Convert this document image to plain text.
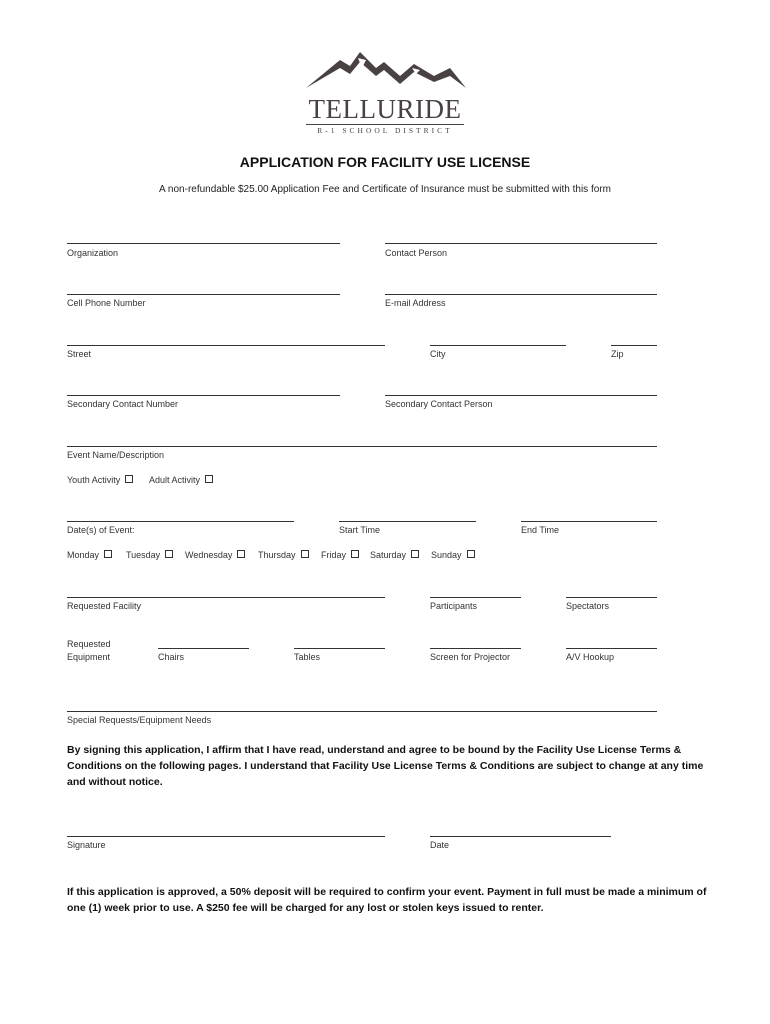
TELLURIDE
R-1 SCHOOL DISTRICT
APPLICATION FOR FACILITY USE LICENSE
A non-refundable $25.00 Application Fee and Certificate of Insurance must be submitted with this form
Organization	Contact Person
Cell Phone Number	E-mail Address
Street	City	Zip
Secondary Contact Number	Secondary Contact Person
Event Name/Description
Youth Activity	Adult Activity
Date(s) of Event:	Start Time	End Time
Monday	Tuesday	Wednesday	Thursday	Friday	Saturday	Sunday
Requested Facility	Participants	Spectators
Requested
Equipment	Chairs	Tables	Screen for Projector	A/V Hookup
Special Requests/Equipment Needs
By signing this application, I affirm that I have read, understand and agree to be bound by the Facility Use License Terms & Conditions on the following pages. I understand that Facility Use License Terms & Conditions are subject to change at any time and without notice.
Signature	Date
If this application is approved, a 50% deposit will be required to confirm your event. Payment in full must be made a minimum of one (1) week prior to use. A $250 fee will be charged for any lost or stolen keys issued to renter.
